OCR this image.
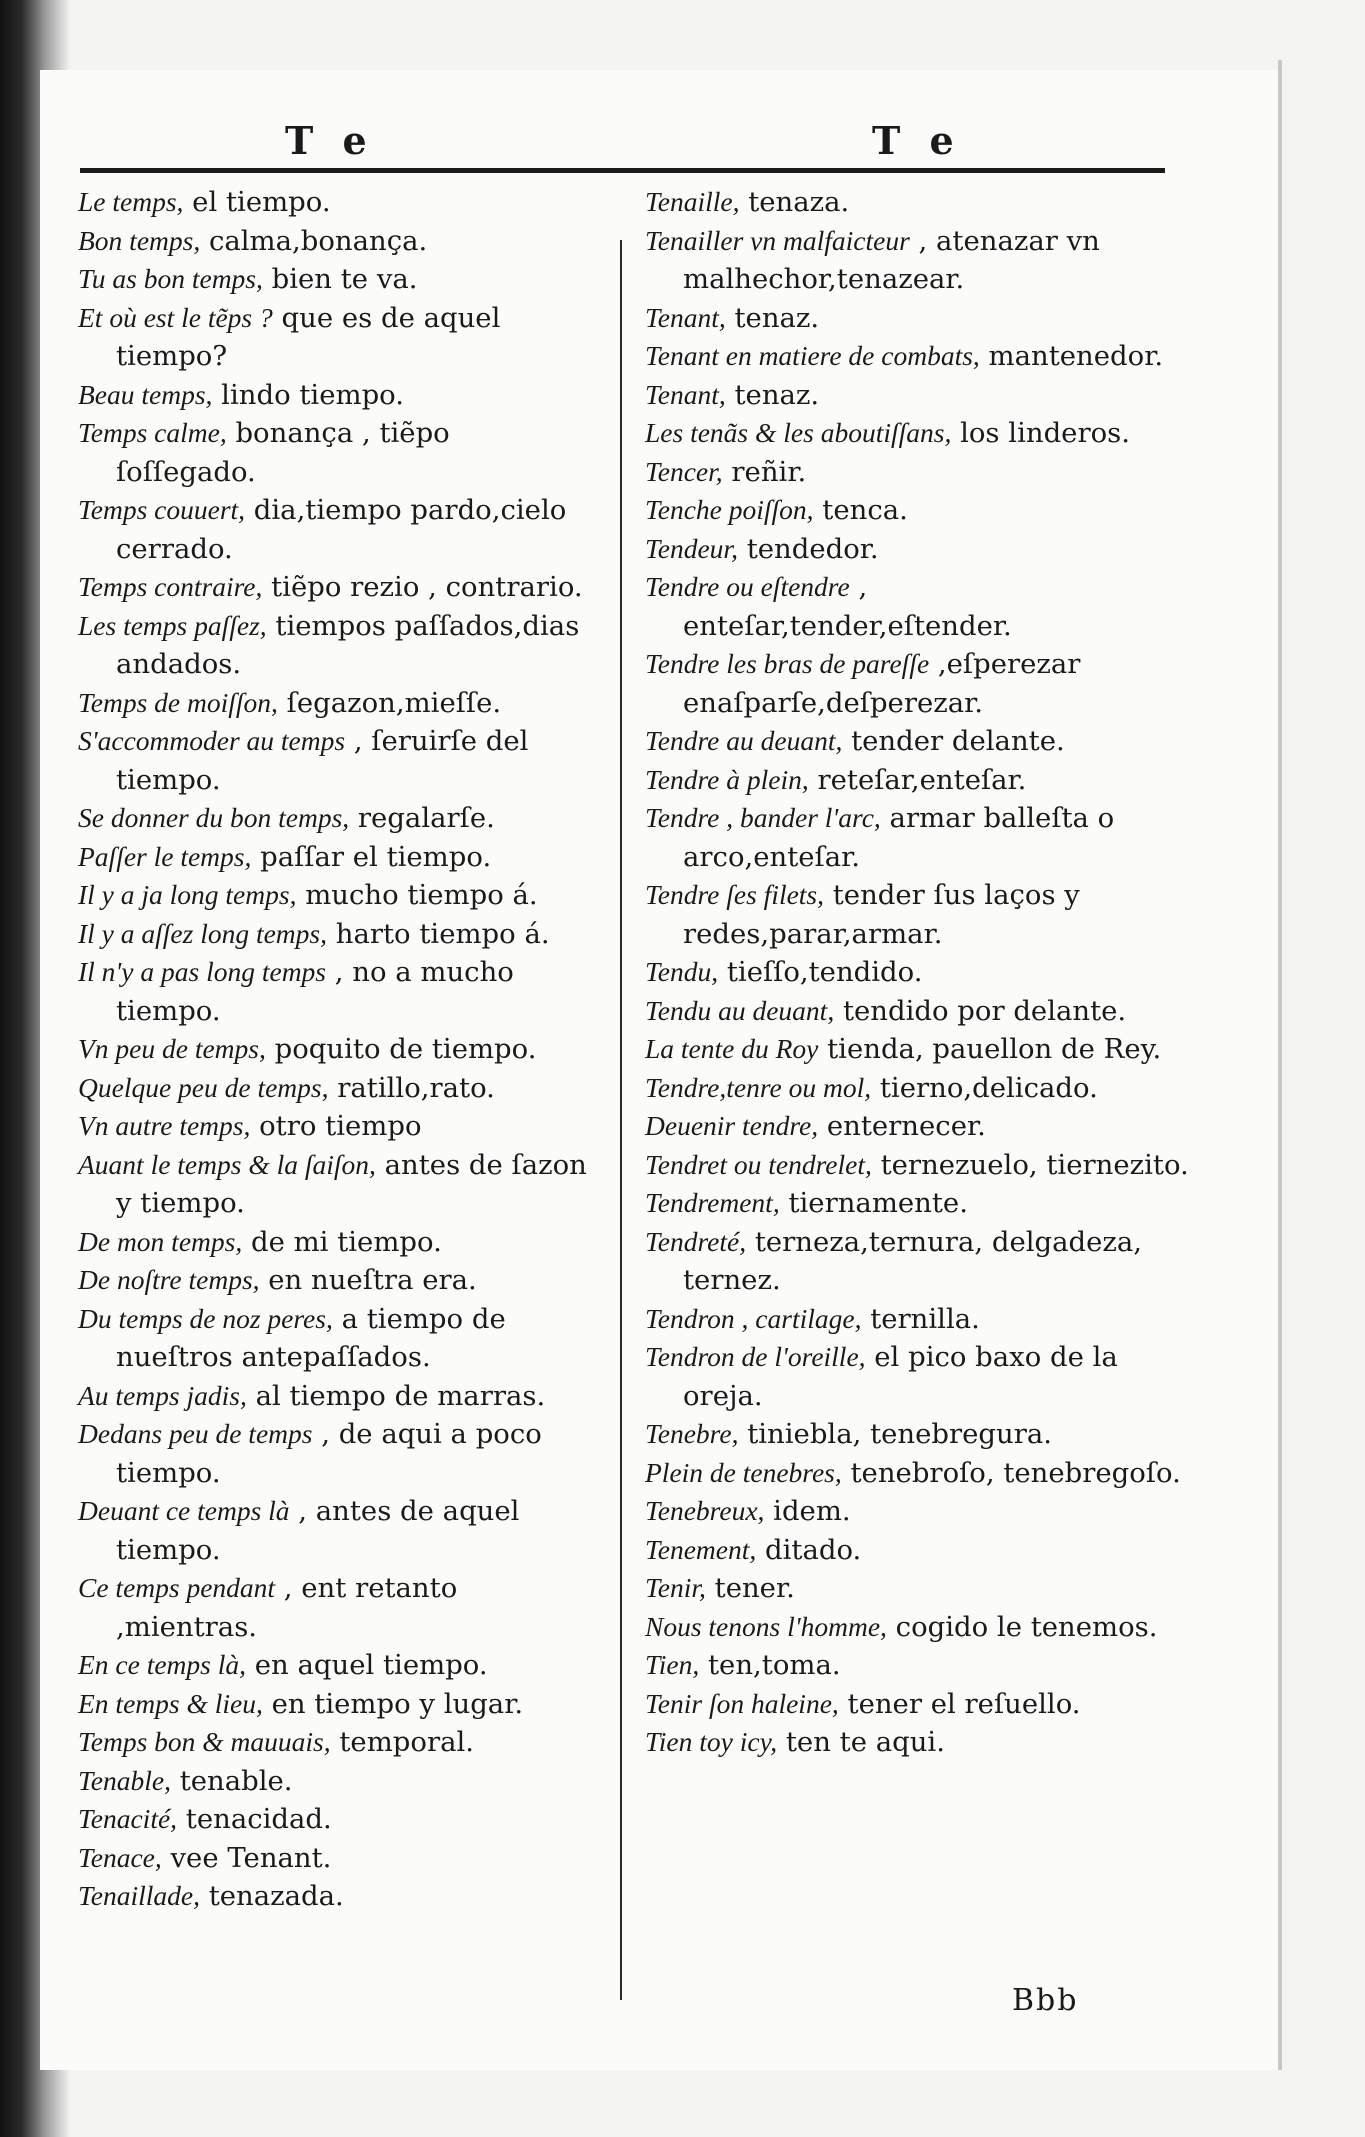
T e	T e
Le temps, el tiempo.
Bon temps, calma,bonança.
Tu as bon temps, bien te va.
Et où est le tẽps ? que es de aquel tiempo?
Beau temps, lindo tiempo.
Temps calme, bonança , tiẽpo ſoſſegado.
Temps couuert, dia,tiempo pardo,cielo cerrado.
Temps contraire, tiẽpo rezio , contrario.
Les temps paſſez, tiempos paſſados,dias andados.
Temps de moiſſon, ſegazon,mieſſe.
S'accommoder au temps , ſeruirſe del tiempo.
Se donner du bon temps, regalarſe.
Paſſer le temps, paſſar el tiempo.
Il y a ja long temps, mucho tiempo á.
Il y a aſſez long temps, harto tiempo á.
Il n'y a pas long temps , no a mucho tiempo.
Vn peu de temps, poquito de tiempo.
Quelque peu de temps, ratillo,rato.
Vn autre temps, otro tiempo
Auant le temps & la ſaiſon, antes de ſazon y tiempo.
De mon temps, de mi tiempo.
De noſtre temps, en nueſtra era.
Du temps de noz peres, a tiempo de nueſtros antepaſſados.
Au temps jadis, al tiempo de marras.
Dedans peu de temps , de aqui a poco tiempo.
Deuant ce temps là , antes de aquel tiempo.
Ce temps pendant , ent retanto ,mientras.
En ce temps là, en aquel tiempo.
En temps & lieu, en tiempo y lugar.
Temps bon & mauuais, temporal.
Tenable, tenable.
Tenacité, tenacidad.
Tenace, vee Tenant.
Tenaillade, tenazada.
Tenaille, tenaza.
Tenailler vn malfaicteur , atenazar vn malhechor,tenazear.
Tenant, tenaz.
Tenant en matiere de combats, mantenedor.
Tenant, tenaz.
Les tenãs & les aboutiſſans, los linderos.
Tencer, reñir.
Tenche poiſſon, tenca.
Tendeur, tendedor.
Tendre ou eſtendre , enteſar,tender,eſtender.
Tendre les bras de pareſſe ,eſperezar enaſparſe,deſperezar.
Tendre au deuant, tender delante.
Tendre à plein, reteſar,enteſar.
Tendre , bander l'arc, armar balleſta o arco,enteſar.
Tendre ſes filets, tender ſus laços y redes,parar,armar.
Tendu, tieſſo,tendido.
Tendu au deuant, tendido por delante.
La tente du Roy tienda, pauellon de Rey.
Tendre,tenre ou mol, tierno,delicado.
Deuenir tendre, enternecer.
Tendret ou tendrelet, ternezuelo, tiernezito.
Tendrement, tiernamente.
Tendreté, terneza,ternura, delgadeza, ternez.
Tendron , cartilage, ternilla.
Tendron de l'oreille, el pico baxo de la oreja.
Tenebre, tiniebla, tenebregura.
Plein de tenebres, tenebroſo, tenebregoſo.
Tenebreux, idem.
Tenement, ditado.
Tenir, tener.
Nous tenons l'homme, cogido le tenemos.
Tien, ten,toma.
Tenir ſon haleine, tener el reſuello.
Tien toy icy, ten te aqui.
Bbb
